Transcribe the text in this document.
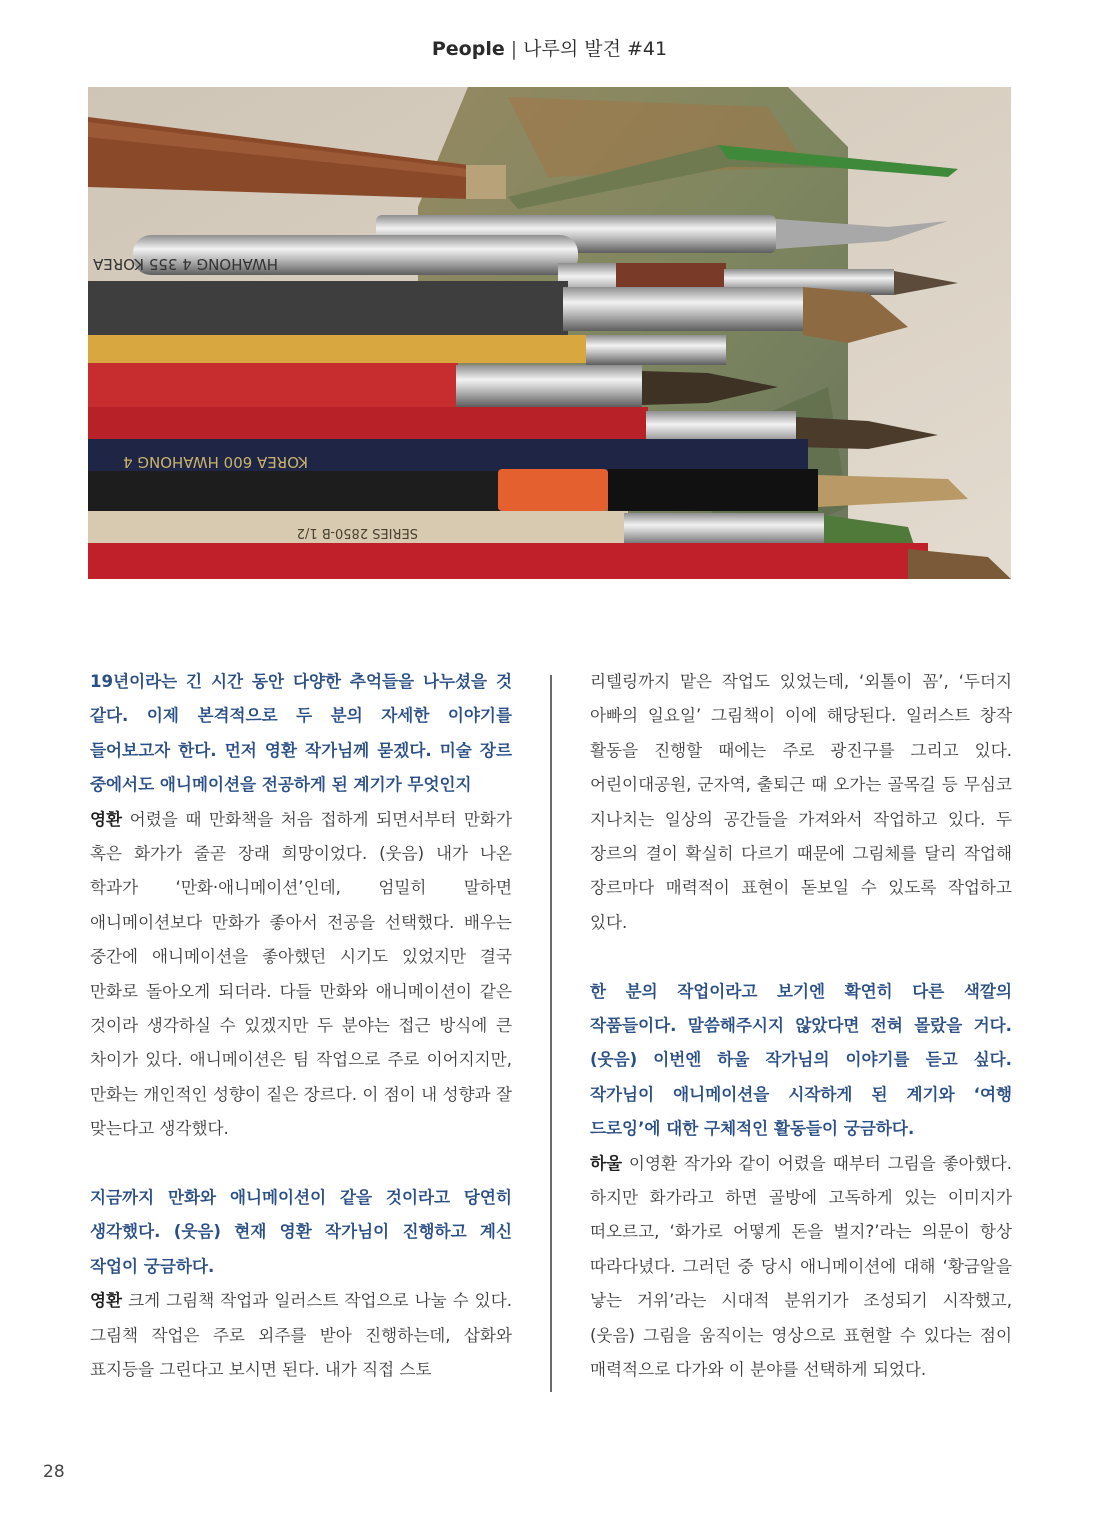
People | 나루의 발견 #41
HWAHONG 4 355 KOREA
KOREA 600 HWAHONG 4
SERIES 2850-B 1/2

19년이라는 긴 시간 동안 다양한 추억들을 나누셨을 것 같다. 이제 본격적으로 두 분의 자세한 이야기를 들어보고자 한다. 먼저 영환 작가님께 묻겠다. 미술 장르 중에서도 애니메이션을 전공하게 된 계기가 무엇인지

영환 어렸을 때 만화책을 처음 접하게 되면서부터 만화가 혹은 화가가 줄곧 장래 희망이었다. (웃음) 내가 나온 학과가 ‘만화·애니메이션’인데, 엄밀히 말하면 애니메이션보다 만화가 좋아서 전공을 선택했다. 배우는 중간에 애니메이션을 좋아했던 시기도 있었지만 결국 만화로 돌아오게 되더라. 다들 만화와 애니메이션이 같은 것이라 생각하실 수 있겠지만 두 분야는 접근 방식에 큰 차이가 있다. 애니메이션은 팀 작업으로 주로 이어지지만, 만화는 개인적인 성향이 짙은 장르다. 이 점이 내 성향과 잘 맞는다고 생각했다.

지금까지 만화와 애니메이션이 같을 것이라고 당연히 생각했다. (웃음) 현재 영환 작가님이 진행하고 계신 작업이 궁금하다.

영환 크게 그림책 작업과 일러스트 작업으로 나눌 수 있다. 그림책 작업은 주로 외주를 받아 진행하는데, 삽화와 표지등을 그린다고 보시면 된다. 내가 직접 스토

리텔링까지 맡은 작업도 있었는데, ‘외톨이 꼼’, ‘두더지 아빠의 일요일’ 그림책이 이에 해당된다. 일러스트 창작 활동을 진행할 때에는 주로 광진구를 그리고 있다. 어린이대공원, 군자역, 출퇴근 때 오가는 골목길 등 무심코 지나치는 일상의 공간들을 가져와서 작업하고 있다. 두 장르의 결이 확실히 다르기 때문에 그림체를 달리 작업해 장르마다 매력적이 표현이 돋보일 수 있도록 작업하고 있다.

한 분의 작업이라고 보기엔 확연히 다른 색깔의 작품들이다. 말씀해주시지 않았다면 전혀 몰랐을 거다. (웃음) 이번엔 하울 작가님의 이야기를 듣고 싶다. 작가님이 애니메이션을 시작하게 된 계기와 ‘여행 드로잉’에 대한 구체적인 활동들이 궁금하다.

하울 이영환 작가와 같이 어렸을 때부터 그림을 좋아했다. 하지만 화가라고 하면 골방에 고독하게 있는 이미지가 떠오르고, ‘화가로 어떻게 돈을 벌지?’라는 의문이 항상 따라다녔다. 그러던 중 당시 애니메이션에 대해 ‘황금알을 낳는 거위’라는 시대적 분위기가 조성되기 시작했고, (웃음) 그림을 움직이는 영상으로 표현할 수 있다는 점이 매력적으로 다가와 이 분야를 선택하게 되었다.

28
